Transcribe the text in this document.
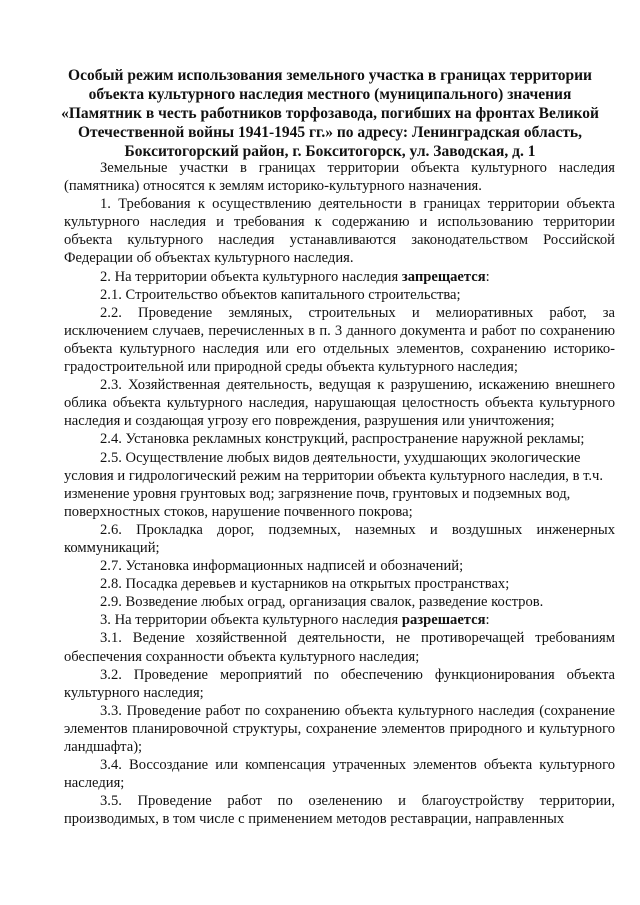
Особый режим использования земельного участка в границах территории
объекта культурного наследия местного (муниципального) значения
«Памятник в честь работников торфозавода, погибших на фронтах Великой
Отечественной войны 1941-1945 гг.» по адресу: Ленинградская область,
Бокситогорский район, г. Бокситогорск, ул. Заводская, д. 1

Земельные участки в границах территории объекта культурного наследия (памятника) относятся к землям историко-культурного назначения.

1. Требования к осуществлению деятельности в границах территории объекта культурного наследия и требования к содержанию и использованию территории объекта культурного наследия устанавливаются законодательством Российской Федерации об объектах культурного наследия.

2. На территории объекта культурного наследия запрещается:

2.1. Строительство объектов капитального строительства;

2.2. Проведение земляных, строительных и мелиоративных работ, за исключением случаев, перечисленных в п. 3 данного документа и работ по сохранению объекта культурного наследия или его отдельных элементов, сохранению историко-градостроительной или природной среды объекта культурного наследия;

2.3. Хозяйственная деятельность, ведущая к разрушению, искажению внешнего облика объекта культурного наследия, нарушающая целостность объекта культурного наследия и создающая угрозу его повреждения, разрушения или уничтожения;

2.4. Установка рекламных конструкций, распространение наружной рекламы;

2.5. Осуществление любых видов деятельности, ухудшающих экологические условия и гидрологический режим на территории объекта культурного наследия, в т.ч. изменение уровня грунтовых вод; загрязнение почв, грунтовых и подземных вод, поверхностных стоков, нарушение почвенного покрова;

2.6. Прокладка дорог, подземных, наземных и воздушных инженерных коммуникаций;

2.7. Установка информационных надписей и обозначений;

2.8. Посадка деревьев и кустарников на открытых пространствах;

2.9. Возведение любых оград, организация свалок, разведение костров.

3. На территории объекта культурного наследия разрешается:

3.1. Ведение хозяйственной деятельности, не противоречащей требованиям обеспечения сохранности объекта культурного наследия;

3.2. Проведение мероприятий по обеспечению функционирования объекта культурного наследия;

3.3. Проведение работ по сохранению объекта культурного наследия (сохранение элементов планировочной структуры, сохранение элементов природного и культурного ландшафта);

3.4. Воссоздание или компенсация утраченных элементов объекта культурного наследия;

3.5. Проведение работ по озеленению и благоустройству территории, производимых, в том числе с применением методов реставрации, направленных
